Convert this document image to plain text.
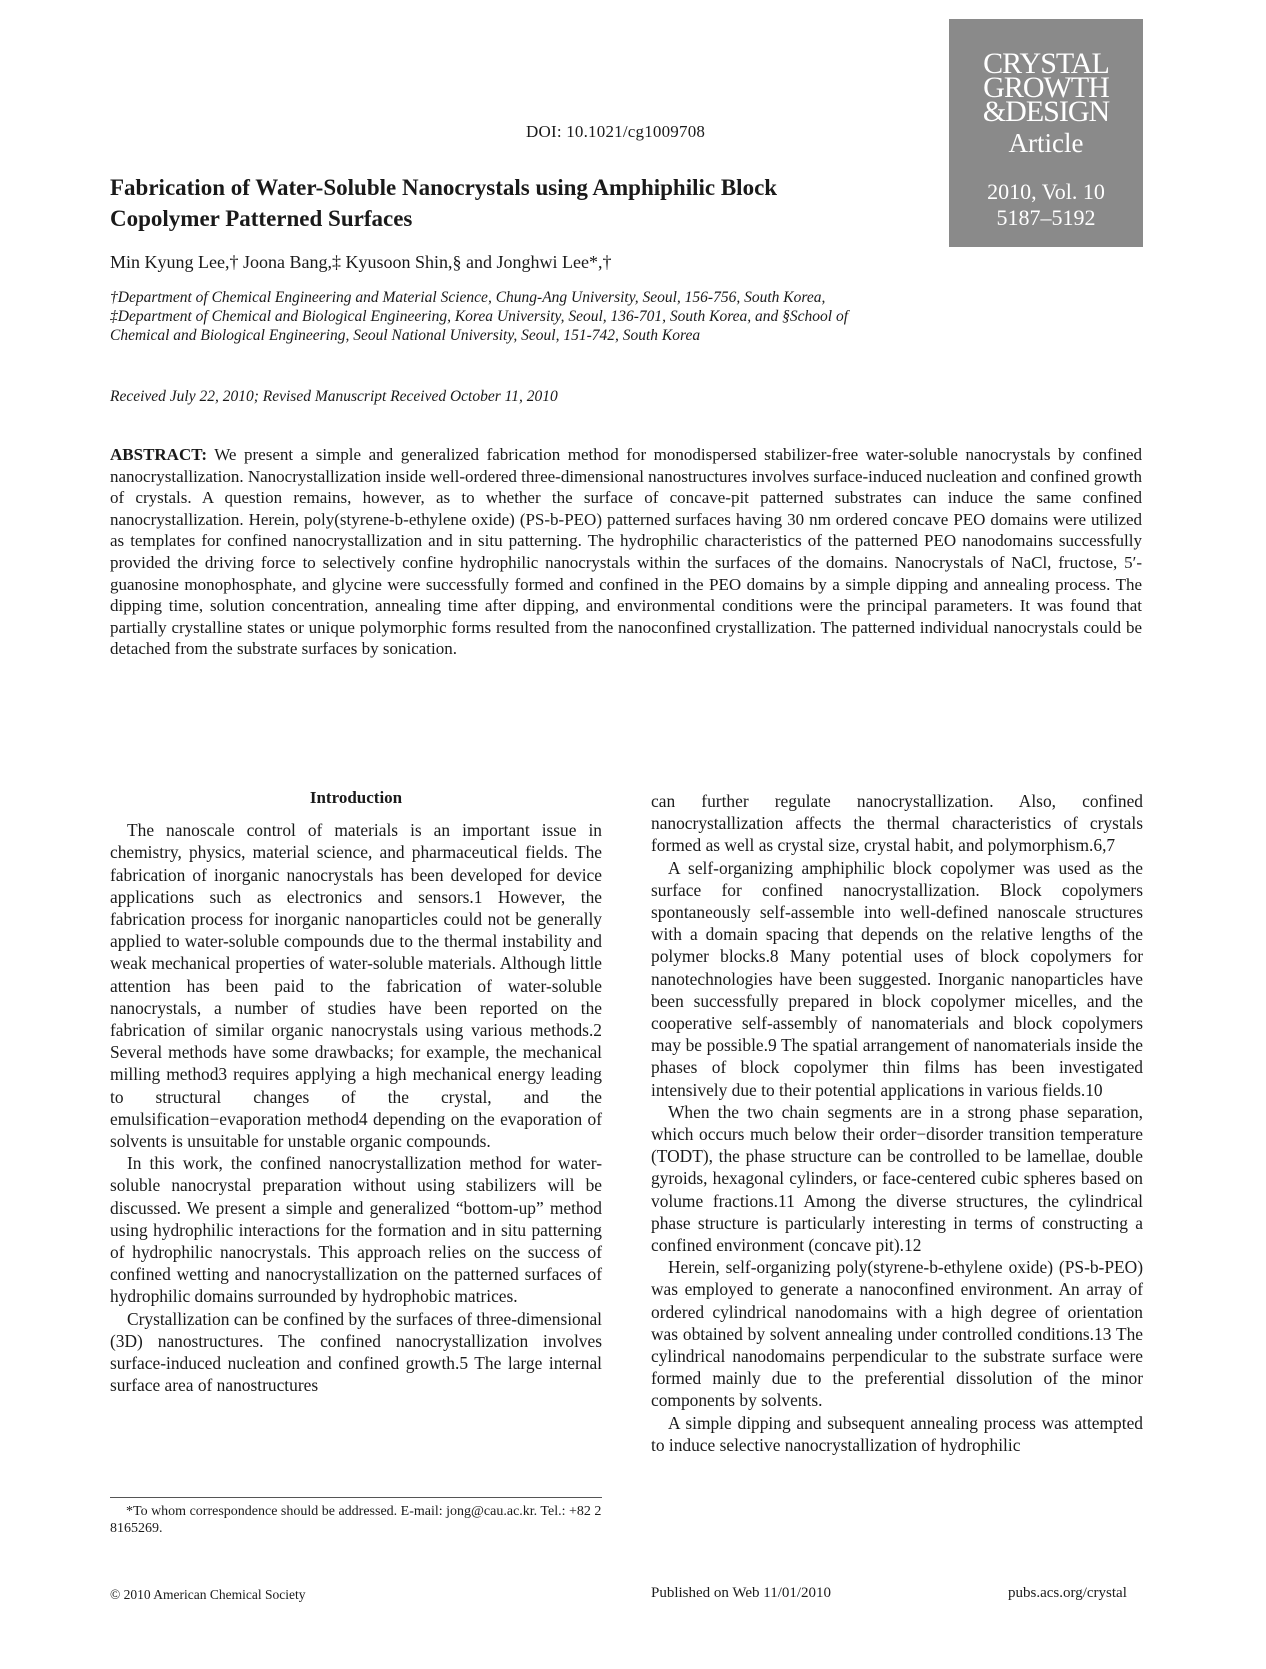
DOI: 10.1021/cg1009708
CRYSTAL
GROWTH
&DESIGN
Article
2010, Vol. 10
5187–5192
Fabrication of Water-Soluble Nanocrystals using Amphiphilic Block Copolymer Patterned Surfaces
Min Kyung Lee,† Joona Bang,‡ Kyusoon Shin,§ and Jonghwi Lee*,†
†Department of Chemical Engineering and Material Science, Chung-Ang University, Seoul, 156-756, South Korea, ‡Department of Chemical and Biological Engineering, Korea University, Seoul, 136-701, South Korea, and §School of Chemical and Biological Engineering, Seoul National University, Seoul, 151-742, South Korea
Received July 22, 2010; Revised Manuscript Received October 11, 2010
ABSTRACT: We present a simple and generalized fabrication method for monodispersed stabilizer-free water-soluble nanocrystals by confined nanocrystallization. Nanocrystallization inside well-ordered three-dimensional nanostructures involves surface-induced nucleation and confined growth of crystals. A question remains, however, as to whether the surface of concave-pit patterned substrates can induce the same confined nanocrystallization. Herein, poly(styrene-b-ethylene oxide) (PS-b-PEO) patterned surfaces having 30 nm ordered concave PEO domains were utilized as templates for confined nanocrystallization and in situ patterning. The hydrophilic characteristics of the patterned PEO nanodomains successfully provided the driving force to selectively confine hydrophilic nanocrystals within the surfaces of the domains. Nanocrystals of NaCl, fructose, 5′-guanosine monophosphate, and glycine were successfully formed and confined in the PEO domains by a simple dipping and annealing process. The dipping time, solution concentration, annealing time after dipping, and environmental conditions were the principal parameters. It was found that partially crystalline states or unique polymorphic forms resulted from the nanoconfined crystallization. The patterned individual nanocrystals could be detached from the substrate surfaces by sonication.
Introduction

The nanoscale control of materials is an important issue in chemistry, physics, material science, and pharmaceutical fields. The fabrication of inorganic nanocrystals has been developed for device applications such as electronics and sensors.1 However, the fabrication process for inorganic nanoparticles could not be generally applied to water-soluble compounds due to the thermal instability and weak mechanical properties of water-soluble materials. Although little attention has been paid to the fabrication of water-soluble nanocrystals, a number of studies have been reported on the fabrication of similar organic nanocrystals using various methods.2 Several methods have some drawbacks; for example, the mechanical milling method3 requires applying a high mechanical energy leading to structural changes of the crystal, and the emulsification−evaporation method4 depending on the evaporation of solvents is unsuitable for unstable organic compounds.

In this work, the confined nanocrystallization method for water-soluble nanocrystal preparation without using stabilizers will be discussed. We present a simple and generalized “bottom-up” method using hydrophilic interactions for the formation and in situ patterning of hydrophilic nanocrystals. This approach relies on the success of confined wetting and nanocrystallization on the patterned surfaces of hydrophilic domains surrounded by hydrophobic matrices.

Crystallization can be confined by the surfaces of three-dimensional (3D) nanostructures. The confined nanocrystallization involves surface-induced nucleation and confined growth.5 The large internal surface area of nanostructures

can further regulate nanocrystallization. Also, confined nanocrystallization affects the thermal characteristics of crystals formed as well as crystal size, crystal habit, and polymorphism.6,7

A self-organizing amphiphilic block copolymer was used as the surface for confined nanocrystallization. Block copolymers spontaneously self-assemble into well-defined nanoscale structures with a domain spacing that depends on the relative lengths of the polymer blocks.8 Many potential uses of block copolymers for nanotechnologies have been suggested. Inorganic nanoparticles have been successfully prepared in block copolymer micelles, and the cooperative self-assembly of nanomaterials and block copolymers may be possible.9 The spatial arrangement of nanomaterials inside the phases of block copolymer thin films has been investigated intensively due to their potential applications in various fields.10

When the two chain segments are in a strong phase separation, which occurs much below their order−disorder transition temperature (TODT), the phase structure can be controlled to be lamellae, double gyroids, hexagonal cylinders, or face-centered cubic spheres based on volume fractions.11 Among the diverse structures, the cylindrical phase structure is particularly interesting in terms of constructing a confined environment (concave pit).12

Herein, self-organizing poly(styrene-b-ethylene oxide) (PS-b-PEO) was employed to generate a nanoconfined environment. An array of ordered cylindrical nanodomains with a high degree of orientation was obtained by solvent annealing under controlled conditions.13 The cylindrical nanodomains perpendicular to the substrate surface were formed mainly due to the preferential dissolution of the minor components by solvents.

A simple dipping and subsequent annealing process was attempted to induce selective nanocrystallization of hydrophilic

*To whom correspondence should be addressed. E-mail: jong@cau.ac.kr. Tel.: +82 2 8165269.
© 2010 American Chemical Society	Published on Web 11/01/2010	pubs.acs.org/crystal
